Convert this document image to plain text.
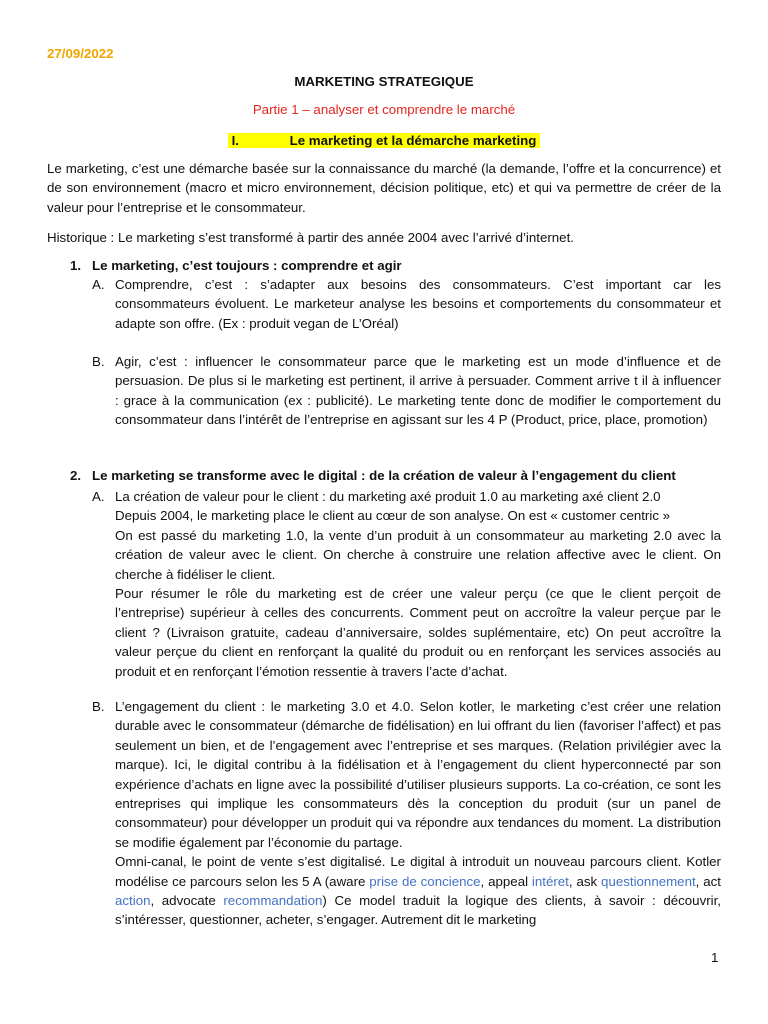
27/09/2022
MARKETING STRATEGIQUE
Partie 1 – analyser et comprendre le marché
I.	Le marketing et la démarche marketing

Le marketing, c’est une démarche basée sur la connaissance du marché (la demande, l’offre et la concurrence) et de son environnement (macro et micro environnement, décision politique, etc) et qui va permettre de créer de la valeur pour l’entreprise et le consommateur.

Historique : Le marketing s’est transformé à partir des année 2004 avec l’arrivé d’internet.

1. Le marketing, c’est toujours : comprendre et agir
A. Comprendre, c’est : s’adapter aux besoins des consommateurs. C’est important car les consommateurs évoluent. Le marketeur analyse les besoins et comportements du consommateur et adapte son offre. (Ex : produit vegan de L’Oréal)

B. Agir, c’est : influencer le consommateur parce que le marketing est un mode d’influence et de persuasion. De plus si le marketing est pertinent, il arrive à persuader. Comment arrive t il à influencer : grace à la communication (ex : publicité). Le marketing tente donc de modifier le comportement du consommateur dans l’intérêt de l’entreprise en agissant sur les 4 P (Product, price, place, promotion)

2. Le marketing se transforme avec le digital : de la création de valeur à l’engagement du client
A. La création de valeur pour le client : du marketing axé produit 1.0 au marketing axé client 2.0

Depuis 2004, le marketing place le client au cœur de son analyse. On est « customer centric »

On est passé du marketing 1.0, la vente d’un produit à un consommateur au marketing 2.0 avec la création de valeur avec le client. On cherche à construire une relation affective avec le client. On cherche à fidéliser le client.

Pour résumer le rôle du marketing est de créer une valeur perçu (ce que le client perçoit de l’entreprise) supérieur à celles des concurrents. Comment peut on accroître la valeur perçue par le client ? (Livraison gratuite, cadeau d’anniversaire, soldes suplémentaire, etc) On peut accroître la valeur perçue du client en renforçant la qualité du produit ou en renforçant les services associés au produit et en renforçant l’émotion ressentie à travers l’acte d’achat.

B. L’engagement du client : le marketing 3.0 et 4.0. Selon kotler, le marketing c’est créer une relation durable avec le consommateur (démarche de fidélisation) en lui offrant du lien (favoriser l’affect) et pas seulement un bien, et de l’engagement avec l’entreprise et ses marques. (Relation privilégier avec la marque). Ici, le digital contribu à la fidélisation et à l’engagement du client hyperconnecté par son expérience d’achats en ligne avec la possibilité d’utiliser plusieurs supports. La co-création, ce sont les entreprises qui implique les consommateurs dès la conception du produit (sur un panel de consommateur) pour développer un produit qui va répondre aux tendances du moment. La distribution se modifie également par l’économie du partage.

Omni-canal, le point de vente s’est digitalisé. Le digital à introduit un nouveau parcours client. Kotler modélise ce parcours selon les 5 A (aware prise de concience, appeal intéret, ask questionnement, act action, advocate recommandation) Ce model traduit la logique des clients, à savoir : découvrir, s’intéresser, questionner, acheter, s’engager. Autrement dit le marketing

1
